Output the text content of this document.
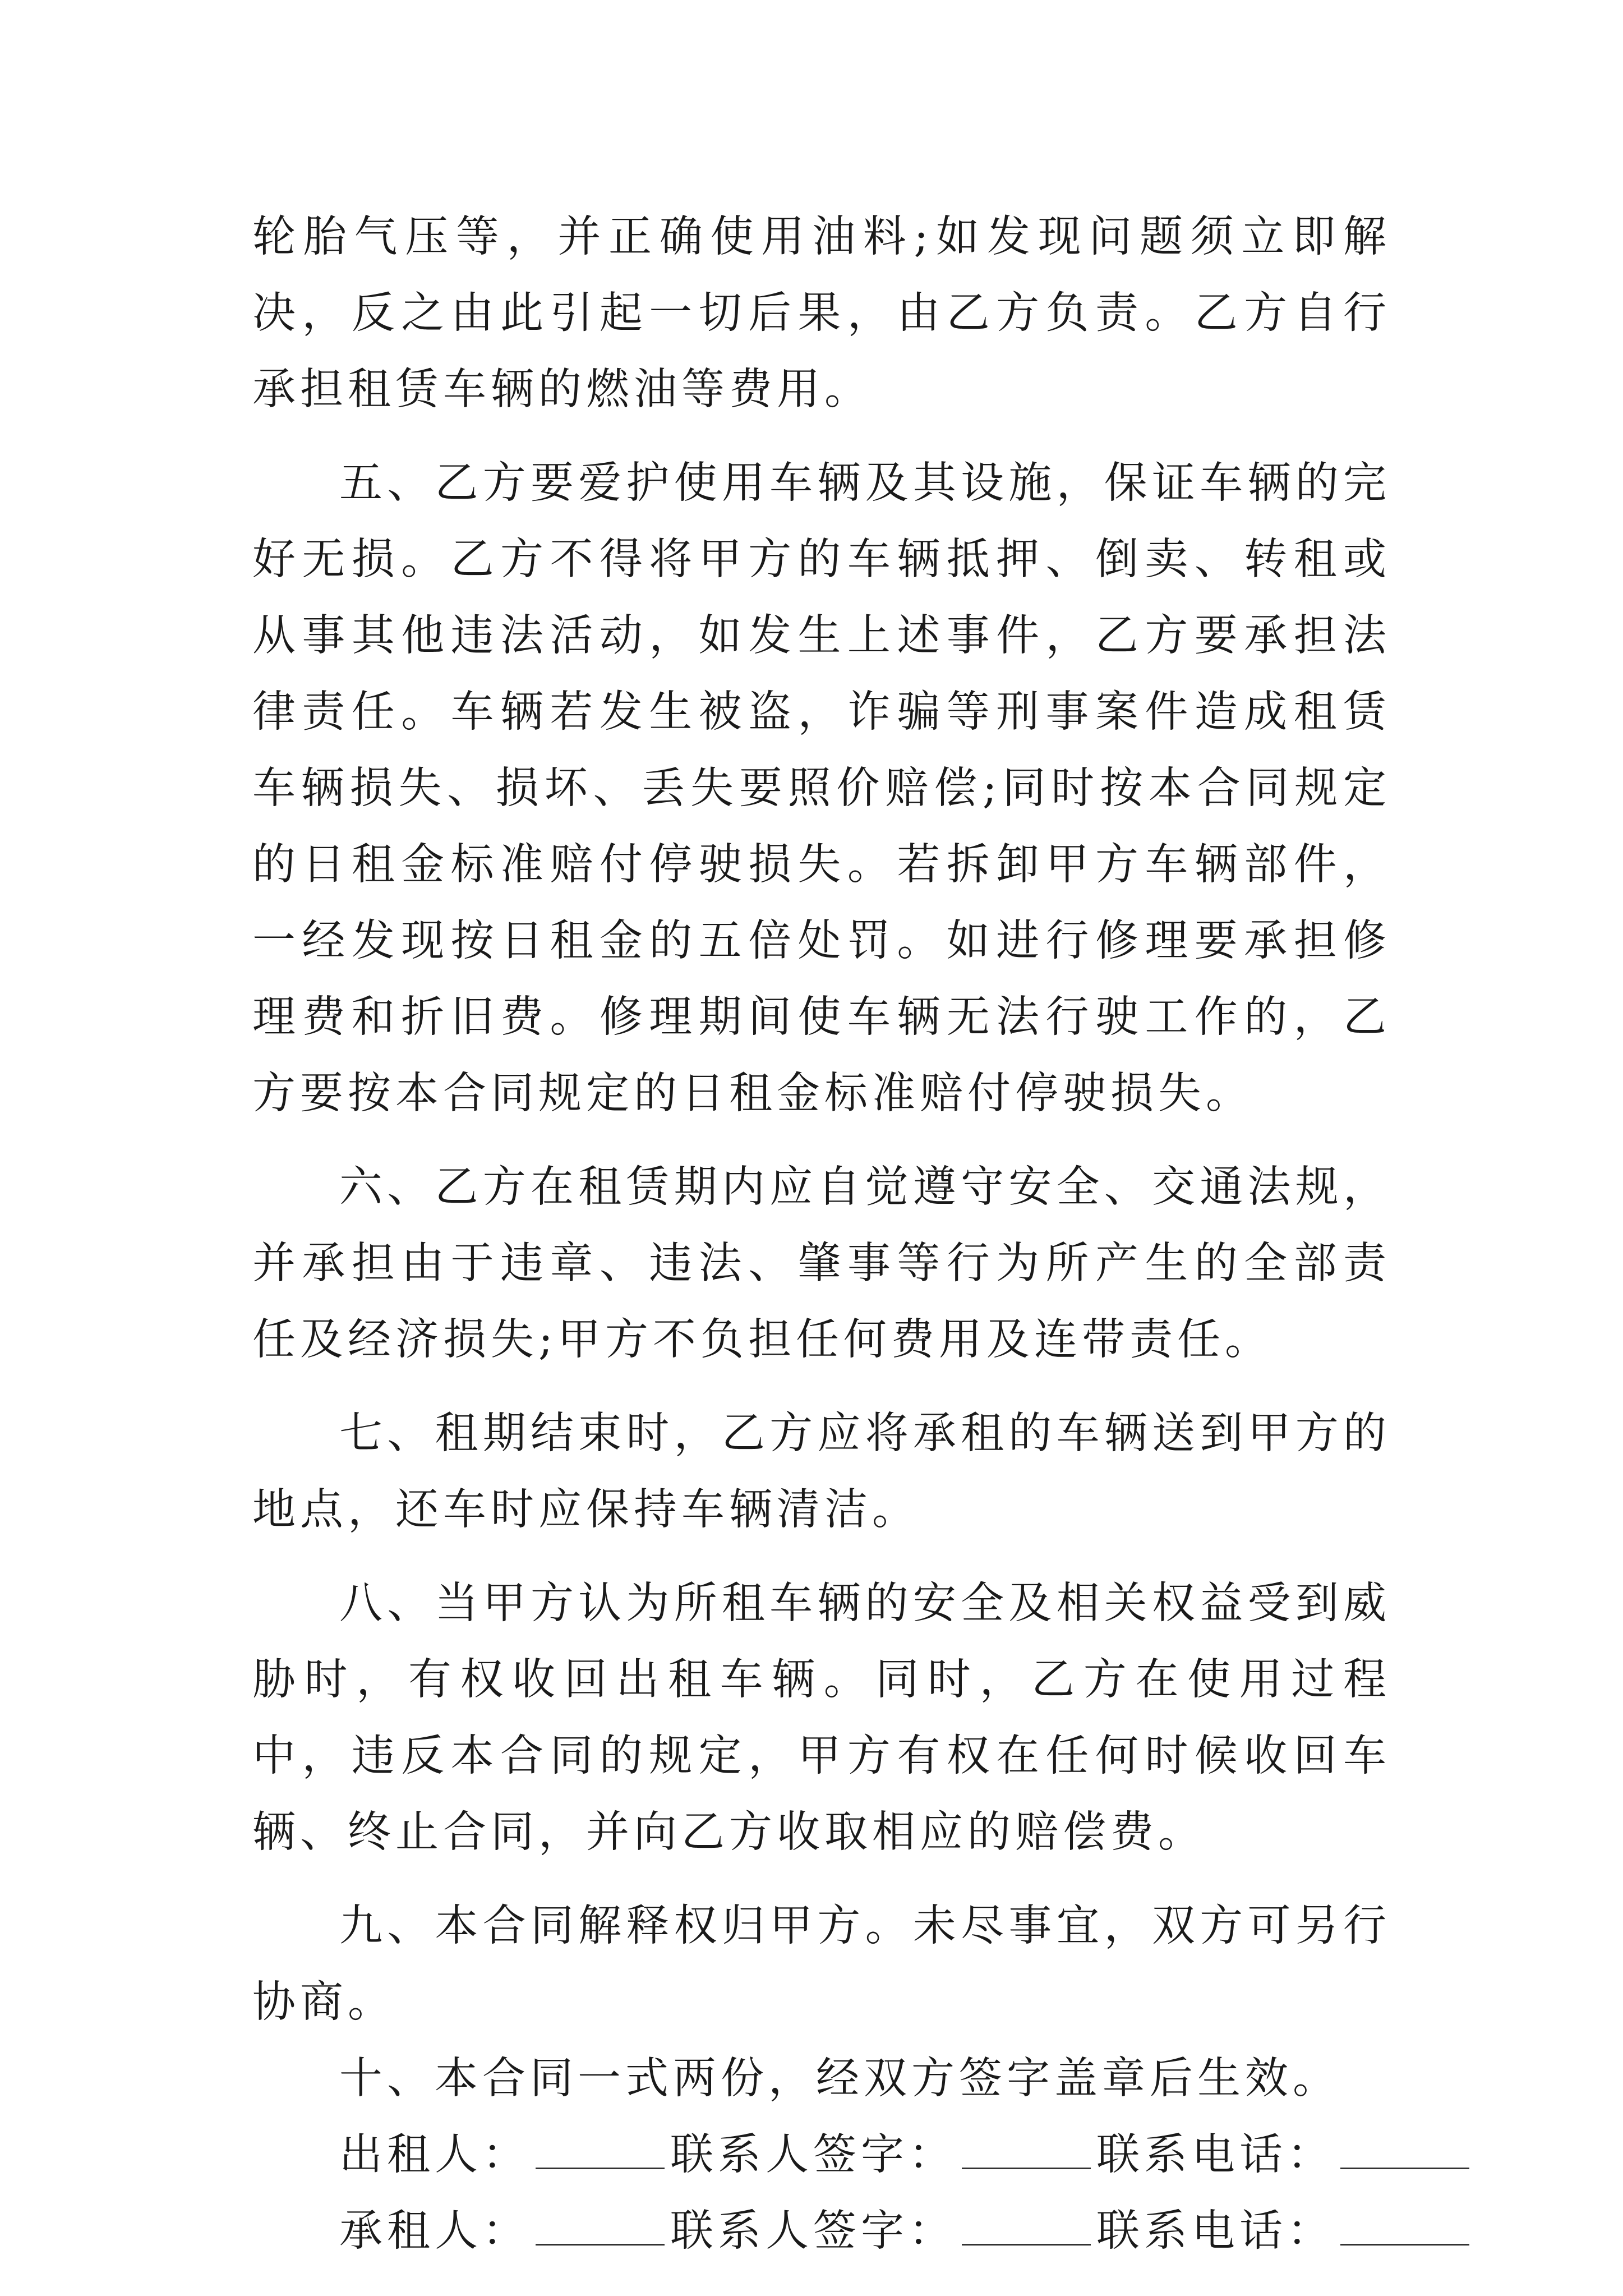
轮胎气压等，并正确使用油料;如发现问题须立即解决，反之由此引起一切后果，由乙方负责。乙方自行承担租赁车辆的燃油等费用。

五、乙方要爱护使用车辆及其设施，保证车辆的完好无损。乙方不得将甲方的车辆抵押、倒卖、转租或从事其他违法活动，如发生上述事件，乙方要承担法律责任。车辆若发生被盗，诈骗等刑事案件造成租赁车辆损失、损坏、丢失要照价赔偿;同时按本合同规定的日租金标准赔付停驶损失。若拆卸甲方车辆部件，一经发现按日租金的五倍处罚。如进行修理要承担修理费和折旧费。修理期间使车辆无法行驶工作的，乙方要按本合同规定的日租金标准赔付停驶损失。

六、乙方在租赁期内应自觉遵守安全、交通法规，并承担由于违章、违法、肇事等行为所产生的全部责任及经济损失;甲方不负担任何费用及连带责任。

七、租期结束时，乙方应将承租的车辆送到甲方的地点，还车时应保持车辆清洁。

八、当甲方认为所租车辆的安全及相关权益受到威胁时，有权收回出租车辆。同时，乙方在使用过程中，违反本合同的规定，甲方有权在任何时候收回车辆、终止合同，并向乙方收取相应的赔偿费。

九、本合同解释权归甲方。未尽事宜，双方可另行协商。

十、本合同一式两份，经双方签字盖章后生效。

出租人：	联系人签字：	联系电话：
承租人：	联系人签字：	联系电话：
